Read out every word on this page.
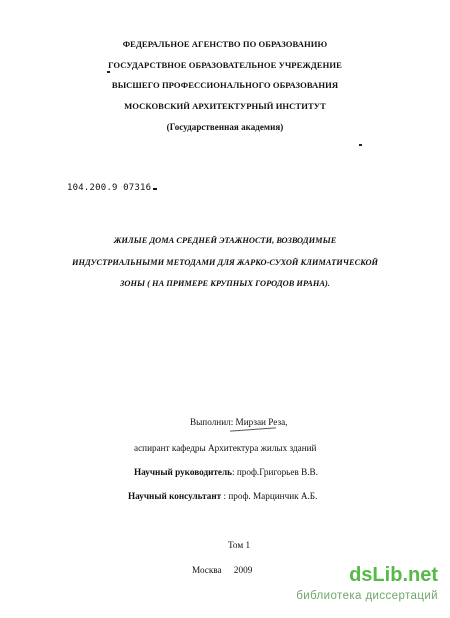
ФЕДЕРАЛЬНОЕ АГЕНСТВО ПО ОБРАЗОВАНИЮ
ГОСУДАРСТВНОЕ ОБРАЗОВАТЕЛЬНОЕ УЧРЕЖДЕНИЕ
ВЫСШЕГО ПРОФЕССИОНАЛЬНОГО ОБРАЗОВАНИЯ
МОСКОВСКИЙ АРХИТЕКТУРНЫЙ ИНСТИТУТ
(Государственная академия)
104.200.9 07316
ЖИЛЫЕ ДОМА СРЕДНЕЙ ЭТАЖНОСТИ, ВОЗВОДИМЫЕ
ИНДУСТРИАЛЬНЫМИ МЕТОДАМИ ДЛЯ ЖАРКО-СУХОЙ КЛИМАТИЧЕСКОЙ
ЗОНЫ ( НА ПРИМЕРЕ КРУПНЫХ ГОРОДОВ ИРАНА).
Выполнил: Мирзаи Реза,
аспирант кафедры Архитектура жилых зданий
Научный руководитель: проф.Григорьев В.В.
Научный консультант : проф. Марцинчик А.Б.
Том 1
Москва 2009	dsLib.net
библиотека диссертаций
